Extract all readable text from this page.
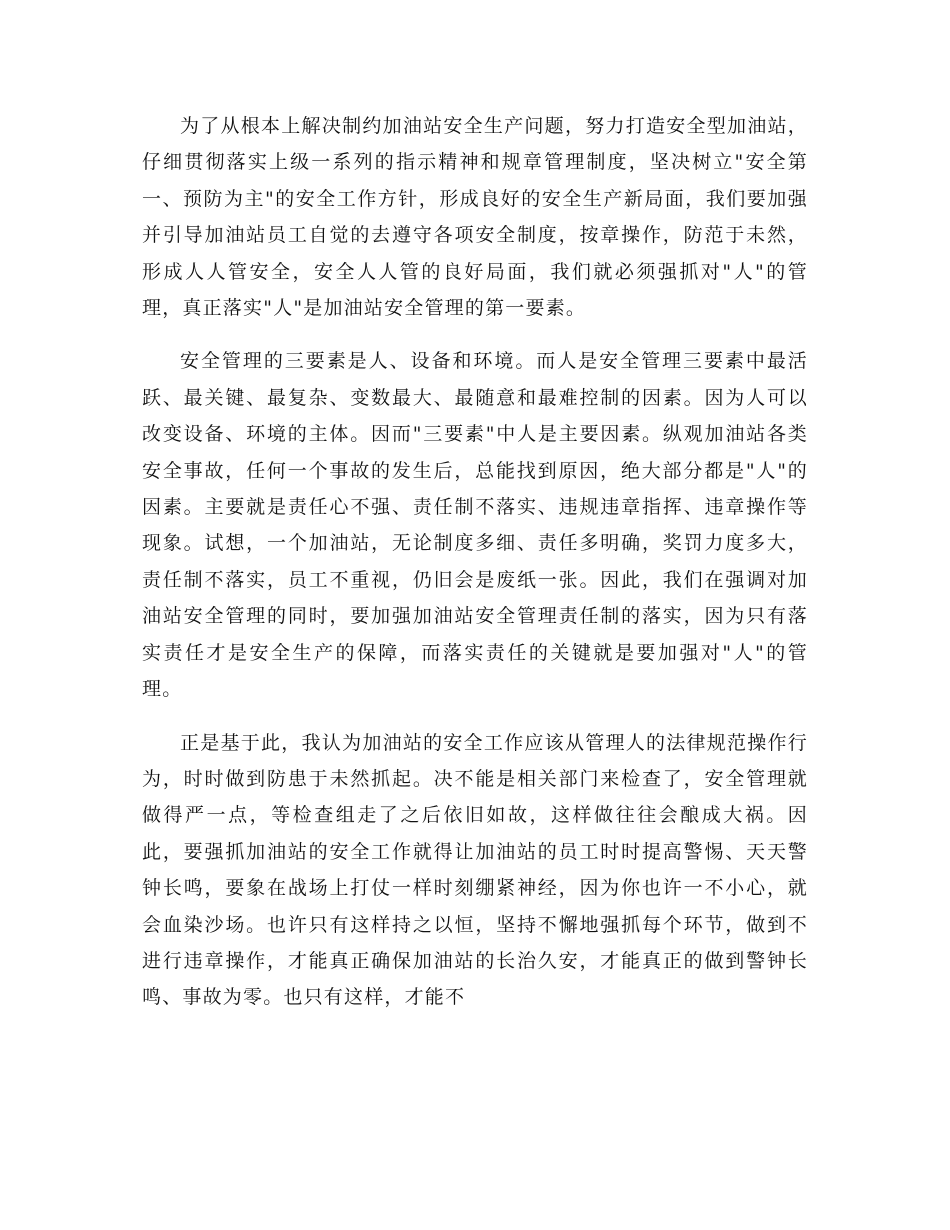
为了从根本上解决制约加油站安全生产问题，努力打造安全型加油站，仔细贯彻落实上级一系列的指示精神和规章管理制度，坚决树立"安全第一、预防为主"的安全工作方针，形成良好的安全生产新局面，我们要加强并引导加油站员工自觉的去遵守各项安全制度，按章操作，防范于未然，形成人人管安全，安全人人管的良好局面，我们就必须强抓对"人"的管理，真正落实"人"是加油站安全管理的第一要素。

安全管理的三要素是人、设备和环境。而人是安全管理三要素中最活跃、最关键、最复杂、变数最大、最随意和最难控制的因素。因为人可以改变设备、环境的主体。因而"三要素"中人是主要因素。纵观加油站各类安全事故，任何一个事故的发生后，总能找到原因，绝大部分都是"人"的因素。主要就是责任心不强、责任制不落实、违规违章指挥、违章操作等现象。试想，一个加油站，无论制度多细、责任多明确，奖罚力度多大，责任制不落实，员工不重视，仍旧会是废纸一张。因此，我们在强调对加油站安全管理的同时，要加强加油站安全管理责任制的落实，因为只有落实责任才是安全生产的保障，而落实责任的关键就是要加强对"人"的管理。

正是基于此，我认为加油站的安全工作应该从管理人的法律规范操作行为，时时做到防患于未然抓起。决不能是相关部门来检查了，安全管理就做得严一点，等检查组走了之后依旧如故，这样做往往会酿成大祸。因此，要强抓加油站的安全工作就得让加油站的员工时时提高警惕、天天警钟长鸣，要象在战场上打仗一样时刻绷紧神经，因为你也许一不小心，就会血染沙场。也许只有这样持之以恒，坚持不懈地强抓每个环节，做到不进行违章操作，才能真正确保加油站的长治久安，才能真正的做到警钟长鸣、事故为零。也只有这样，才能不
